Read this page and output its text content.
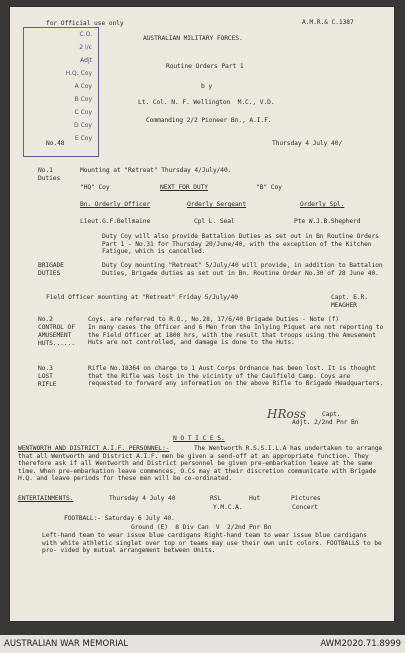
for Official use only	A.M.R.& C.1387
C.O.
2 i/c
Adjt
H.Q. Coy
A Coy
B Coy
C Coy
D Coy
E Coy
AUSTRALIAN MILITARY FORCES.
Routine Orders Part 1
b y
Lt. Col. N. F. Wellington  M.C., V.D.
Commanding 2/2 Pioneer Bn., A.I.F.
No.48	Thursday 4 July 40/
No.1
Duties
Mounting at "Retreat" Thursday 4/July/40.
"HQ" Coy	NEXT FOR DUTY	"B" Coy
Bn. Orderly Officer	Orderly Sergeant	Orderly Spl.
Lieut.G.F.Bellmaine	Cpl L. Seal	Pte W.J.B.Shepherd
Duty Coy will also provide Battalion Duties as set out in Bn Routine Orders Part 1 - No.31 for Thursday 20/June/40, with the exception of the Kitchen Fatigue, which is cancelled.
BRIGADE
DUTIES
Duty Coy mounting "Retreat" 5/July/40 will provide, in addition to Battalion Duties, Brigade duties as set out in Bn. Routine Order No.30 of 28 June 40.
Field Officer mounting at "Retreat" Friday 5/July/40	Capt. E.R. MEAGHER
No.2
CONTROL OF
AMUSEMENT
HUTS......
Coys. are referred to R.O., No.28, 17/6/40 Brigade Duties - Note (f)
In many cases the Officer and 6 Men from the Inlying Piquet are not reporting to the Field Officer at 1800 hrs, with the result that troops using the Amusement Huts are not controlled, and damage is done to the Huts.
No.3
LOST
RIFLE
Rifle No.18364 on charge to 1 Aust Corps Ordnance has been lost. It is thought that the Rifle was lost in the vicinity of the Caulfield Camp. Coys are requested to forward any information on the above Rifle to Brigade Headquarters.
HRoss	Capt.
Adjt. 2/2nd Pnr Bn
N O T I C E S.
WENTWORTH AND DISTRICT A.I.F. PERSONNEL:-	The Wentworth R.S.S.I.L.A has undertaken to arrange that all Wentworth and District A.I.F. men be given a send-off at an appropriate function. They therefore ask if all Wentworth and District personnel be given pre-embarkation leave at the same time. When pre-embarkation leave commences, O.Cs may at their discretion communicate with Brigade H.Q. and leave periods for these men will be co-ordinated.
ENTERTAINMENTS.	Thursday 4 July 40	RSL	Hut	Pictures
Y.M.C.A.	Concert
FOOTBALL:- Saturday 6 July 40.
Ground (E)  8 Div Can  V  2/2nd Pnr Bn
Left-hand team to wear issue blue cardigans Right-hand team to wear issue blue cardigans with white athletic singlet over top or teams may use their own unit colors. FOOTBALLS to be pro- vided by mutual arrangement between Units.
AUSTRALIAN WAR MEMORIAL	AWM2020.71.8999
